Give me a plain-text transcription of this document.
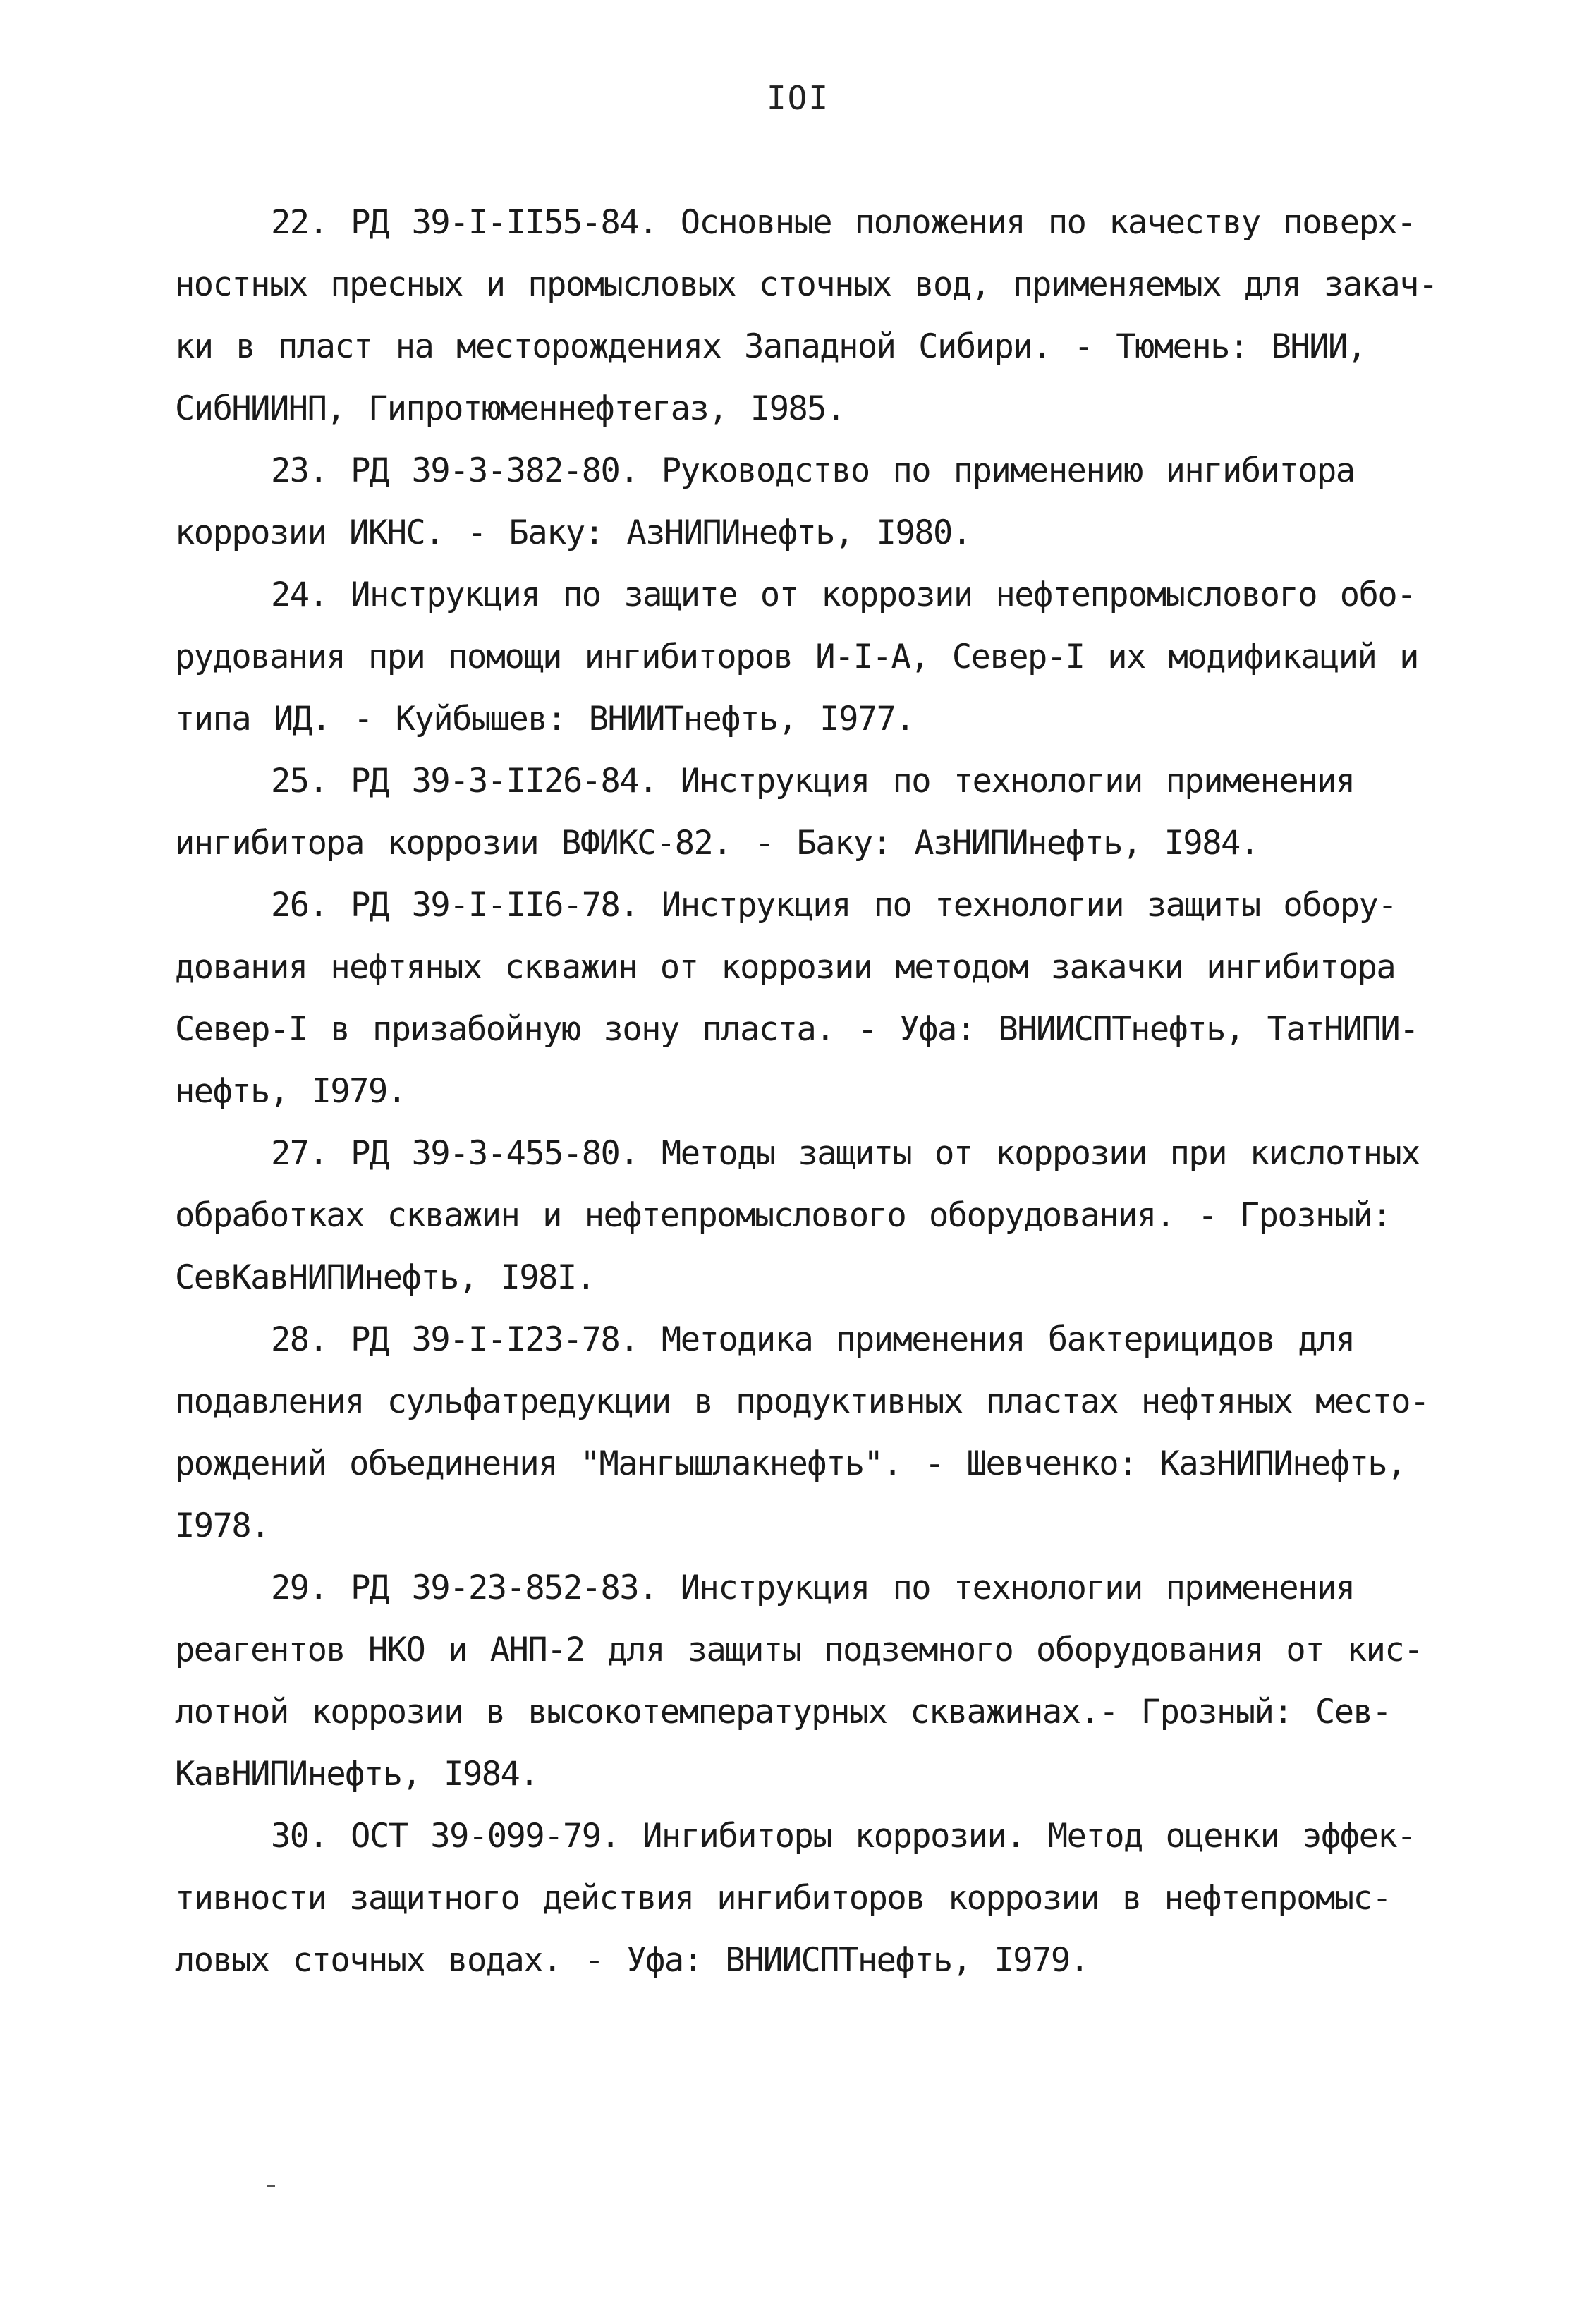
IOI

22. РД 39-I-II55-84. Основные положения по качеству поверх-
ностных пресных и промысловых сточных вод, применяемых для закач-
ки в пласт на месторождениях Западной Сибири. - Тюмень: ВНИИ,
СибНИИНП, Гипротюменнефтегаз, I985.

23. РД 39-3-382-80. Руководство по применению ингибитора
коррозии ИКНС. - Баку: АзНИПИнефть, I980.

24. Инструкция по защите от коррозии нефтепромыслового обо-
рудования при помощи ингибиторов И-I-А, Север-I их модификаций и
типа ИД. - Куйбышев: ВНИИТнефть, I977.

25. РД 39-3-II26-84. Инструкция по технологии применения
ингибитора коррозии ВФИКС-82. - Баку: АзНИПИнефть, I984.

26. РД 39-I-II6-78. Инструкция по технологии защиты обору-
дования нефтяных скважин от коррозии методом закачки ингибитора
Север-I в призабойную зону пласта. - Уфа: ВНИИСПТнефть, ТатНИПИ-
нефть, I979.

27. РД 39-3-455-80. Методы защиты от коррозии при кислотных
обработках скважин и нефтепромыслового оборудования. - Грозный:
СевКавНИПИнефть, I98I.

28. РД 39-I-I23-78. Методика применения бактерицидов для
подавления сульфатредукции в продуктивных пластах нефтяных место-
рождений объединения "Мангышлакнефть". - Шевченко: КазНИПИнефть,
I978.

29. РД 39-23-852-83. Инструкция по технологии применения
реагентов НКО и АНП-2 для защиты подземного оборудования от кис-
лотной коррозии в высокотемпературных скважинах.- Грозный: Сев-
КавНИПИнефть, I984.

30. ОСТ 39-099-79. Ингибиторы коррозии. Метод оценки эффек-
тивности защитного действия ингибиторов коррозии в нефтепромыс-
ловых сточных водах. - Уфа: ВНИИСПТнефть, I979.
